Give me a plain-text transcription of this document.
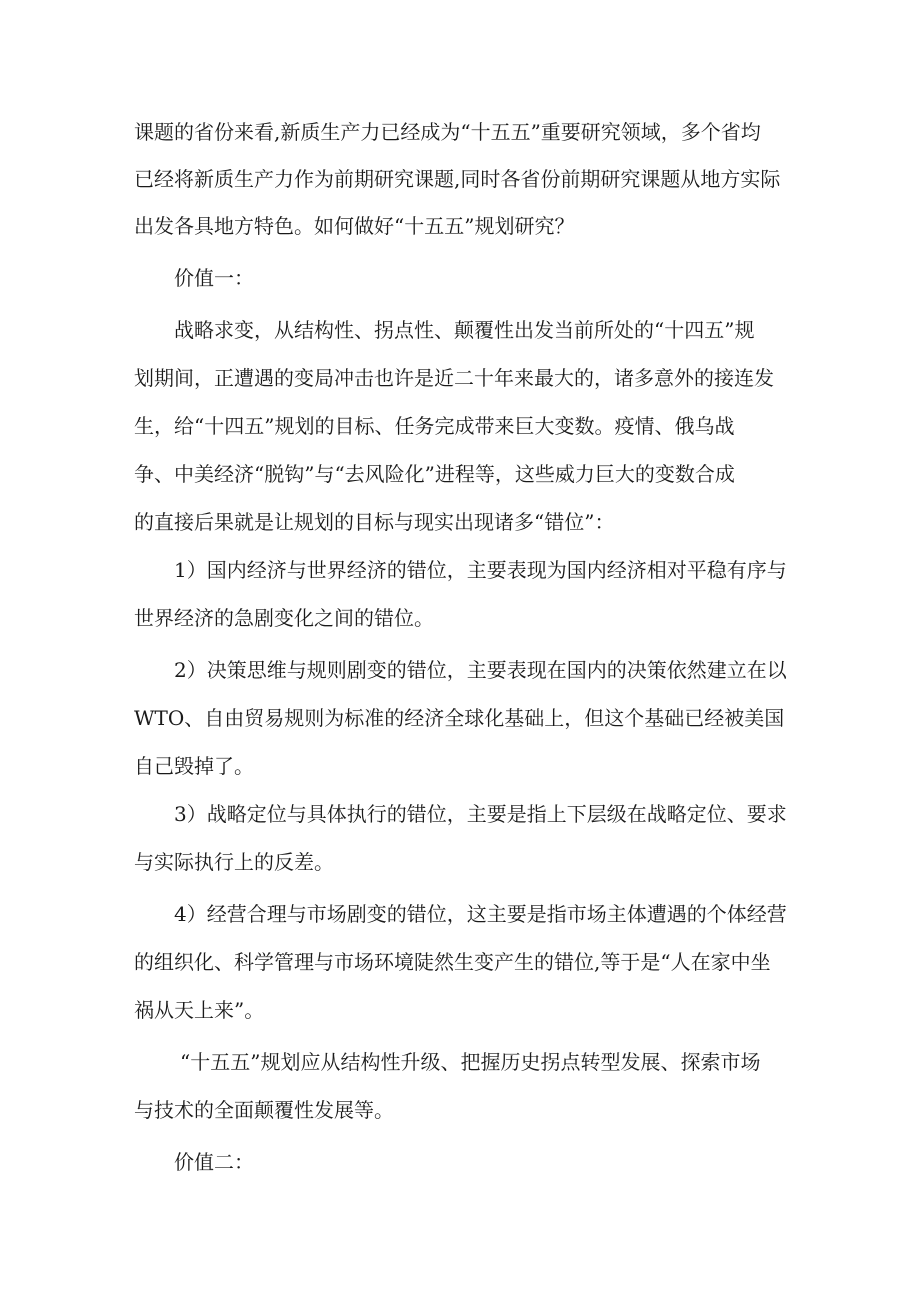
课题的省份来看,新质生产力已经成为“十五五”重要研究领域，多个省均
已经将新质生产力作为前期研究课题,同时各省份前期研究课题从地方实际
出发各具地方特色。如何做好“十五五”规划研究？
价值一：
战略求变，从结构性、拐点性、颠覆性出发当前所处的“十四五”规
划期间，正遭遇的变局冲击也许是近二十年来最大的，诸多意外的接连发
生，给“十四五”规划的目标、任务完成带来巨大变数。疫情、俄乌战
争、中美经济“脱钩”与“去风险化”进程等，这些威力巨大的变数合成
的直接后果就是让规划的目标与现实出现诸多“错位”：
1）国内经济与世界经济的错位，主要表现为国内经济相对平稳有序与
世界经济的急剧变化之间的错位。
2）决策思维与规则剧变的错位，主要表现在国内的决策依然建立在以
WTO、自由贸易规则为标准的经济全球化基础上，但这个基础已经被美国
自己毁掉了。
3）战略定位与具体执行的错位，主要是指上下层级在战略定位、要求
与实际执行上的反差。
4）经营合理与市场剧变的错位，这主要是指市场主体遭遇的个体经营
的组织化、科学管理与市场环境陡然生变产生的错位,等于是“人在家中坐
祸从天上来”。
“十五五”规划应从结构性升级、把握历史拐点转型发展、探索市场
与技术的全面颠覆性发展等。
价值二：
